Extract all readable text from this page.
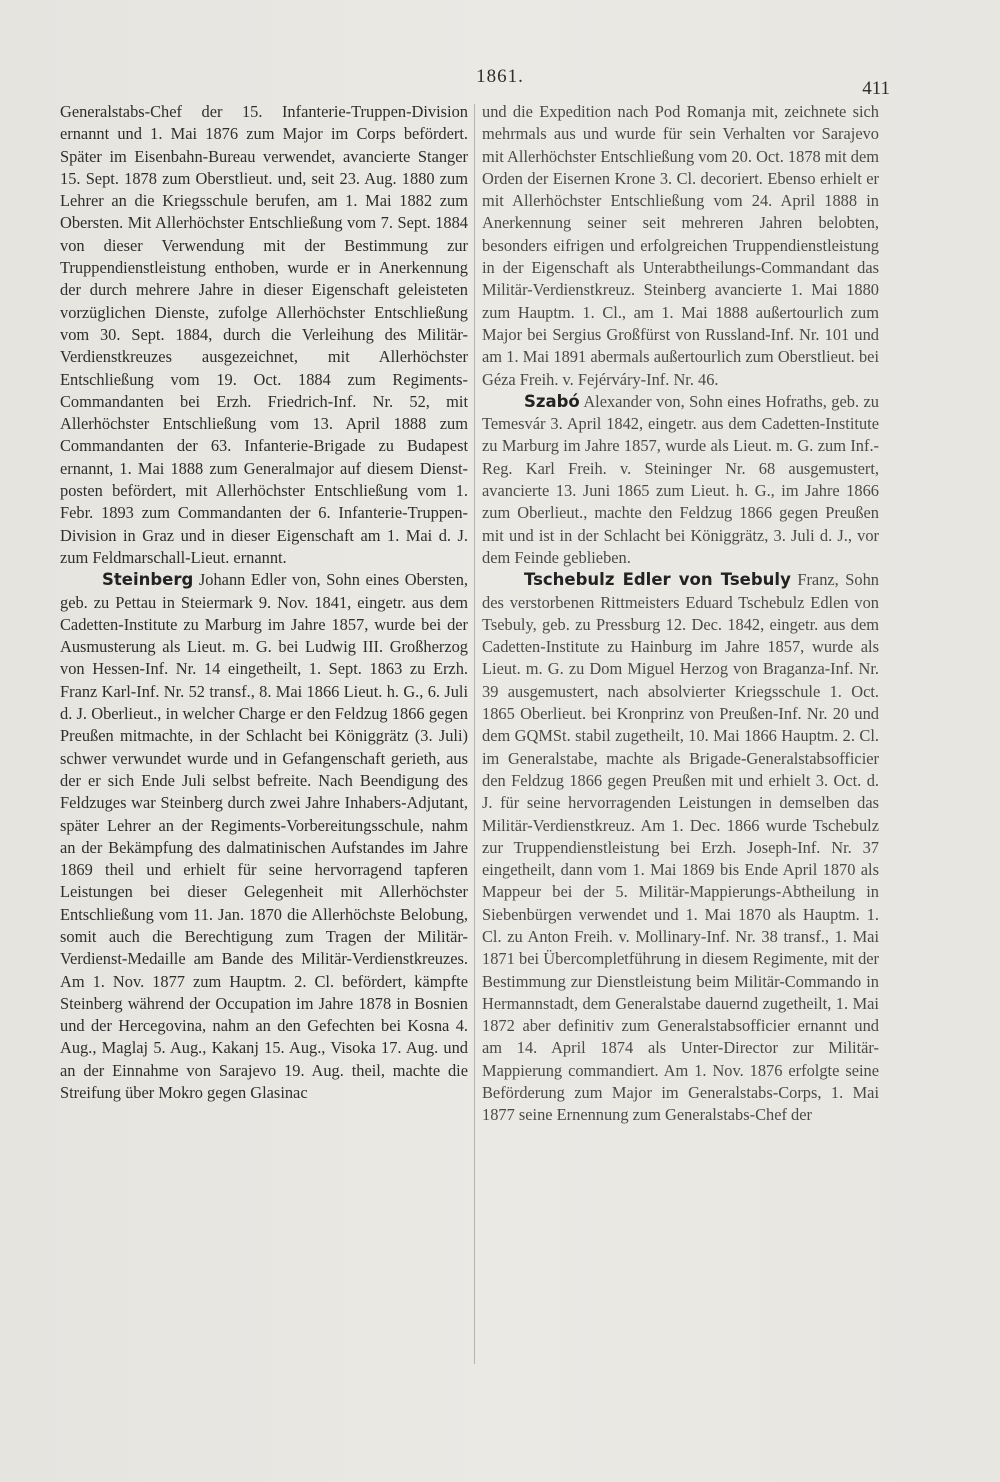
1861.
411

Generalstabs-Chef der 15. Infanterie-Truppen-Division ernannt und 1. Mai 1876 zum Major im Corps befördert. Später im Eisenbahn-Bureau verwendet, avancierte Stanger 15. Sept. 1878 zum Oberstlieut. und, seit 23. Aug. 1880 zum Lehrer an die Kriegsschule berufen, am 1. Mai 1882 zum Obersten. Mit Allerhöchster Entschließung vom 7. Sept. 1884 von dieser Verwendung mit der Bestimmung zur Truppendienstleistung enthoben, wurde er in Anerkennung der durch mehrere Jahre in dieser Eigenschaft geleisteten vorzüglichen Dienste, zufolge Allerhöchster Entschließung vom 30. Sept. 1884, durch die Verleihung des Militär-Verdienstkreuzes ausgezeichnet, mit Allerhöchster Entschließung vom 19. Oct. 1884 zum Regiments-Commandanten bei Erzh. Friedrich-Inf. Nr. 52, mit Allerhöchster Entschließung vom 13. April 1888 zum Commandanten der 63. Infanterie-Brigade zu Budapest ernannt, 1. Mai 1888 zum Generalmajor auf diesem Dienstposten befördert, mit Allerhöchster Entschließung vom 1. Febr. 1893 zum Commandanten der 6. Infanterie-Truppen-Division in Graz und in dieser Eigenschaft am 1. Mai d. J. zum Feldmarschall-Lieut. ernannt.

Steinberg Johann Edler von, Sohn eines Obersten, geb. zu Pettau in Steiermark 9. Nov. 1841, eingetr. aus dem Cadetten-Institute zu Marburg im Jahre 1857, wurde bei der Ausmusterung als Lieut. m. G. bei Ludwig III. Großherzog von Hessen-Inf. Nr. 14 eingetheilt, 1. Sept. 1863 zu Erzh. Franz Karl-Inf. Nr. 52 transf., 8. Mai 1866 Lieut. h. G., 6. Juli d. J. Oberlieut., in welcher Charge er den Feldzug 1866 gegen Preußen mitmachte, in der Schlacht bei Königgrätz (3. Juli) schwer verwundet wurde und in Gefangenschaft gerieth, aus der er sich Ende Juli selbst befreite. Nach Beendigung des Feldzuges war Steinberg durch zwei Jahre Inhabers-Adjutant, später Lehrer an der Regiments-Vorbereitungsschule, nahm an der Bekämpfung des dalmatinischen Aufstandes im Jahre 1869 theil und erhielt für seine hervorragend tapferen Leistungen bei dieser Gelegenheit mit Allerhöchster Entschließung vom 11. Jan. 1870 die Allerhöchste Belobung, somit auch die Berechtigung zum Tragen der Militär-Verdienst-Medaille am Bande des Militär-Verdienstkreuzes. Am 1. Nov. 1877 zum Hauptm. 2. Cl. befördert, kämpfte Steinberg während der Occupation im Jahre 1878 in Bosnien und der Hercegovina, nahm an den Gefechten bei Kosna 4. Aug., Maglaj 5. Aug., Kakanj 15. Aug., Visoka 17. Aug. und an der Einnahme von Sarajevo 19. Aug. theil, machte die Streifung über Mokro gegen Glasinac

und die Expedition nach Pod Romanja mit, zeichnete sich mehrmals aus und wurde für sein Verhalten vor Sarajevo mit Allerhöchster Entschließung vom 20. Oct. 1878 mit dem Orden der Eisernen Krone 3. Cl. decoriert. Ebenso erhielt er mit Allerhöchster Entschließung vom 24. April 1888 in Anerkennung seiner seit mehreren Jahren belobten, besonders eifrigen und erfolgreichen Truppendienstleistung in der Eigenschaft als Unterabtheilungs-Commandant das Militär-Verdienstkreuz. Steinberg avancierte 1. Mai 1880 zum Hauptm. 1. Cl., am 1. Mai 1888 außertourlich zum Major bei Sergius Großfürst von Russland-Inf. Nr. 101 und am 1. Mai 1891 abermals außertourlich zum Oberstlieut. bei Géza Freih. v. Fejérváry-Inf. Nr. 46.

Szabó Alexander von, Sohn eines Hofraths, geb. zu Temesvár 3. April 1842, eingetr. aus dem Cadetten-Institute zu Marburg im Jahre 1857, wurde als Lieut. m. G. zum Inf.-Reg. Karl Freih. v. Steininger Nr. 68 ausgemustert, avancierte 13. Juni 1865 zum Lieut. h. G., im Jahre 1866 zum Oberlieut., machte den Feldzug 1866 gegen Preußen mit und ist in der Schlacht bei Königgrätz, 3. Juli d. J., vor dem Feinde geblieben.

Tschebulz Edler von Tsebuly Franz, Sohn des verstorbenen Rittmeisters Eduard Tschebulz Edlen von Tsebuly, geb. zu Pressburg 12. Dec. 1842, eingetr. aus dem Cadetten-Institute zu Hainburg im Jahre 1857, wurde als Lieut. m. G. zu Dom Miguel Herzog von Braganza-Inf. Nr. 39 ausgemustert, nach absolvierter Kriegsschule 1. Oct. 1865 Oberlieut. bei Kronprinz von Preußen-Inf. Nr. 20 und dem GQMSt. stabil zugetheilt, 10. Mai 1866 Hauptm. 2. Cl. im Generalstabe, machte als Brigade-Generalstabsofficier den Feldzug 1866 gegen Preußen mit und erhielt 3. Oct. d. J. für seine hervorragenden Leistungen in demselben das Militär-Verdienstkreuz. Am 1. Dec. 1866 wurde Tschebulz zur Truppendienstleistung bei Erzh. Joseph-Inf. Nr. 37 eingetheilt, dann vom 1. Mai 1869 bis Ende April 1870 als Mappeur bei der 5. Militär-Mappierungs-Abtheilung in Siebenbürgen verwendet und 1. Mai 1870 als Hauptm. 1. Cl. zu Anton Freih. v. Mollinary-Inf. Nr. 38 transf., 1. Mai 1871 bei Übercompletführung in diesem Regimente, mit der Bestimmung zur Dienstleistung beim Militär-Commando in Hermannstadt, dem Generalstabe dauernd zugetheilt, 1. Mai 1872 aber definitiv zum Generalstabsofficier ernannt und am 14. April 1874 als Unter-Director zur Militär-Mappierung commandiert. Am 1. Nov. 1876 erfolgte seine Beförderung zum Major im Generalstabs-Corps, 1. Mai 1877 seine Ernennung zum Generalstabs-Chef der
